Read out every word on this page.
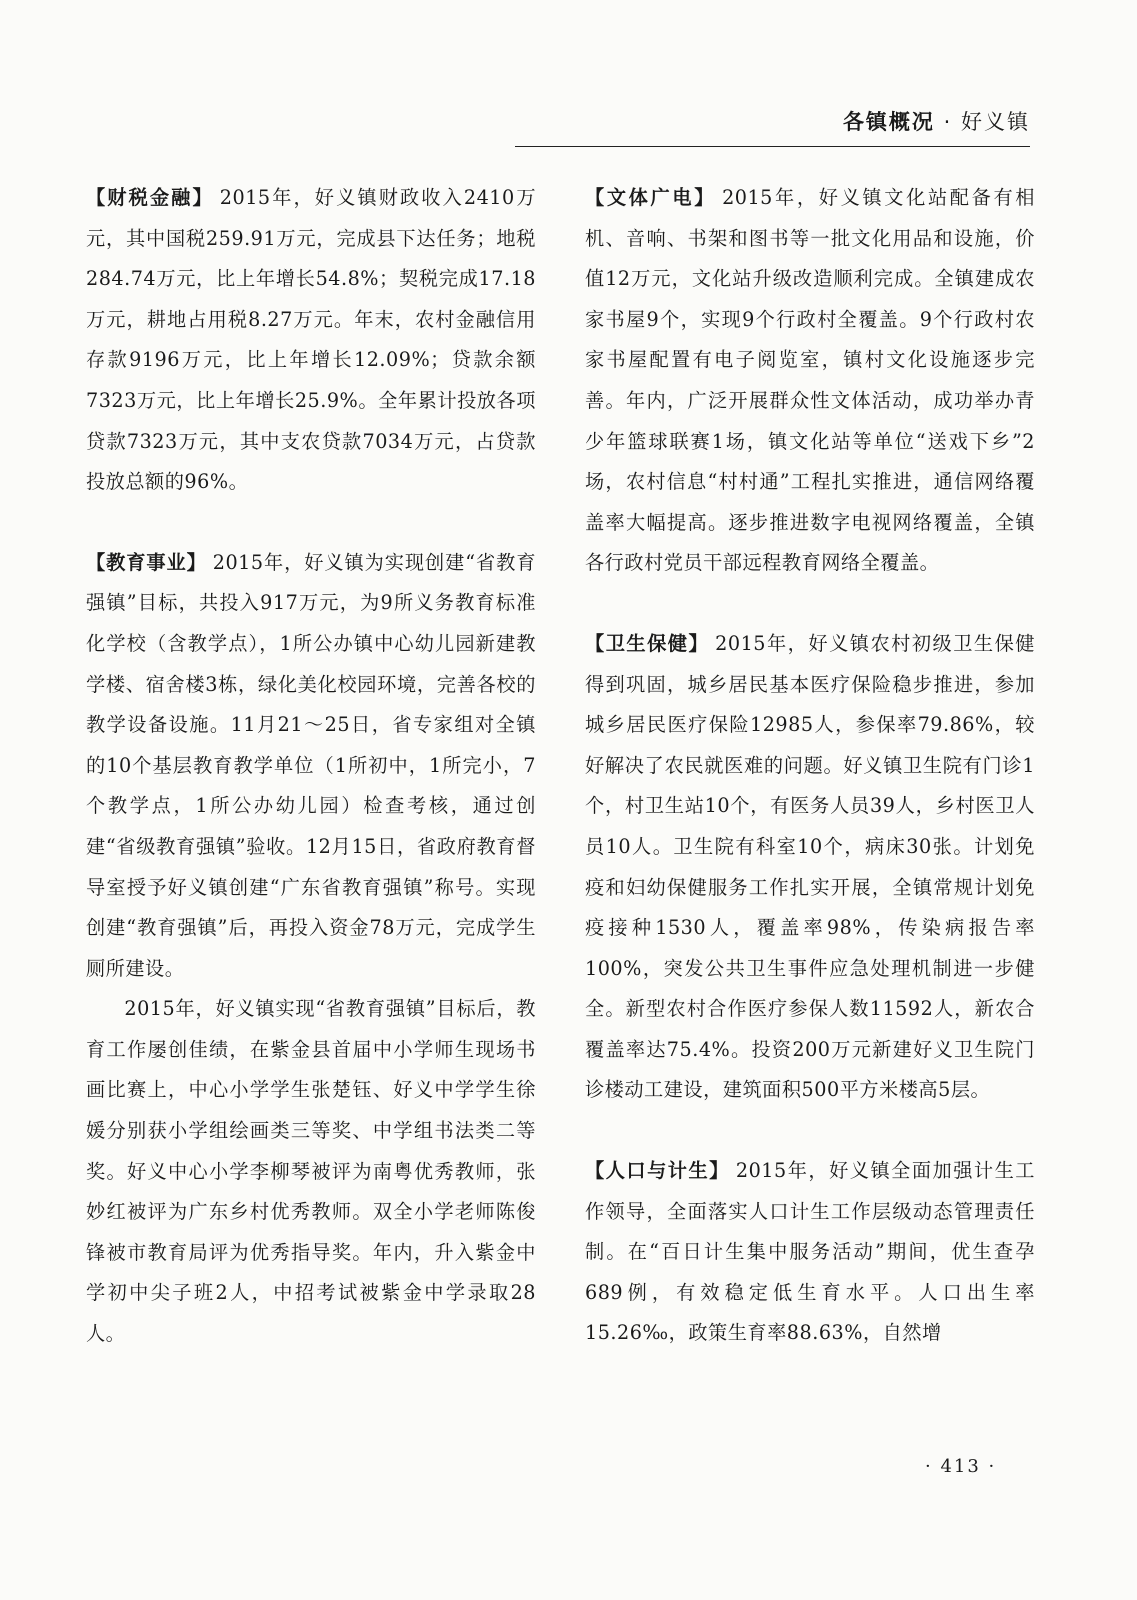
各镇概况 · 好义镇

【财税金融】 2015年，好义镇财政收入2410万元，其中国税259.91万元，完成县下达任务；地税284.74万元，比上年增长54.8%；契税完成17.18万元，耕地占用税8.27万元。年末，农村金融信用存款9196万元，比上年增长12.09%；贷款余额7323万元，比上年增长25.9%。全年累计投放各项贷款7323万元，其中支农贷款7034万元，占贷款投放总额的96%。

【教育事业】 2015年，好义镇为实现创建“省教育强镇”目标，共投入917万元，为9所义务教育标准化学校（含教学点），1所公办镇中心幼儿园新建教学楼、宿舍楼3栋，绿化美化校园环境，完善各校的教学设备设施。11月21～25日，省专家组对全镇的10个基层教育教学单位（1所初中，1所完小，7个教学点，1所公办幼儿园）检查考核，通过创建“省级教育强镇”验收。12月15日，省政府教育督导室授予好义镇创建“广东省教育强镇”称号。实现创建“教育强镇”后，再投入资金78万元，完成学生厕所建设。

2015年，好义镇实现“省教育强镇”目标后，教育工作屡创佳绩，在紫金县首届中小学师生现场书画比赛上，中心小学学生张楚钰、好义中学学生徐媛分别获小学组绘画类三等奖、中学组书法类二等奖。好义中心小学李柳琴被评为南粤优秀教师，张妙红被评为广东乡村优秀教师。双全小学老师陈俊锋被市教育局评为优秀指导奖。年内，升入紫金中学初中尖子班2人，中招考试被紫金中学录取28人。

【文体广电】 2015年，好义镇文化站配备有相机、音响、书架和图书等一批文化用品和设施，价值12万元，文化站升级改造顺利完成。全镇建成农家书屋9个，实现9个行政村全覆盖。9个行政村农家书屋配置有电子阅览室，镇村文化设施逐步完善。年内，广泛开展群众性文体活动，成功举办青少年篮球联赛1场，镇文化站等单位“送戏下乡”2场，农村信息“村村通”工程扎实推进，通信网络覆盖率大幅提高。逐步推进数字电视网络覆盖，全镇各行政村党员干部远程教育网络全覆盖。

【卫生保健】 2015年，好义镇农村初级卫生保健得到巩固，城乡居民基本医疗保险稳步推进，参加城乡居民医疗保险12985人，参保率79.86%，较好解决了农民就医难的问题。好义镇卫生院有门诊1个，村卫生站10个，有医务人员39人，乡村医卫人员10人。卫生院有科室10个，病床30张。计划免疫和妇幼保健服务工作扎实开展，全镇常规计划免疫接种1530人，覆盖率98%，传染病报告率100%，突发公共卫生事件应急处理机制进一步健全。新型农村合作医疗参保人数11592人，新农合覆盖率达75.4%。投资200万元新建好义卫生院门诊楼动工建设，建筑面积500平方米楼高5层。

【人口与计生】 2015年，好义镇全面加强计生工作领导，全面落实人口计生工作层级动态管理责任制。在“百日计生集中服务活动”期间，优生查孕689例，有效稳定低生育水平。人口出生率15.26‰，政策生育率88.63%，自然增

· 413 ·
